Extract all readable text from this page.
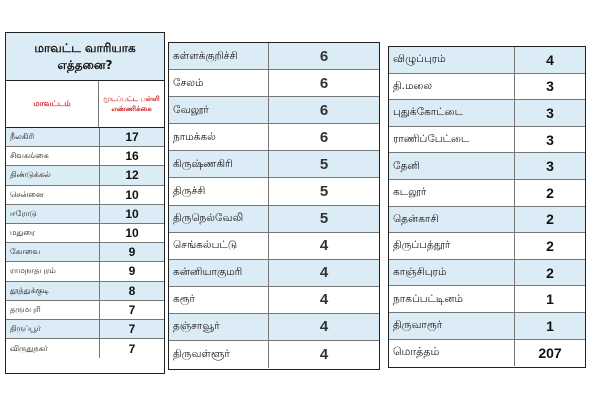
மாவட்ட வாரியாக எத்தனை?
மாவட்டம்	மூடப்பட்ட பள்ளி எண்ணிக்கை
நீலகிரி	17
சிவகங்கை	16
திண்டுக்கல்	12
சென்னை	10
ஈரோடு	10
மதுரை	10
கோவை	9
ராமநாதபுரம்	9
தூத்துக்குடி	8
தருமபுரி	7
திருப்பூர்	7
விருதுநகர்	7
கள்ளக்குறிச்சி	6
சேலம்	6
வேலூர்	6
நாமக்கல்	6
கிருஷ்ணகிரி	5
திருச்சி	5
திருநெல்வேலி	5
செங்கல்பட்டு	4
கன்னியாகுமரி	4
கரூர்	4
தஞ்சாவூர்	4
திருவள்ளூர்	4
விழுப்புரம்	4
தி.மலை	3
புதுக்கோட்டை	3
ராணிப்பேட்டை	3
தேனி	3
கடலூர்	2
தென்காசி	2
திருப்பத்தூர்	2
காஞ்சிபுரம்	2
நாகப்பட்டினம்	1
திருவாரூர்	1
மொத்தம்	207
